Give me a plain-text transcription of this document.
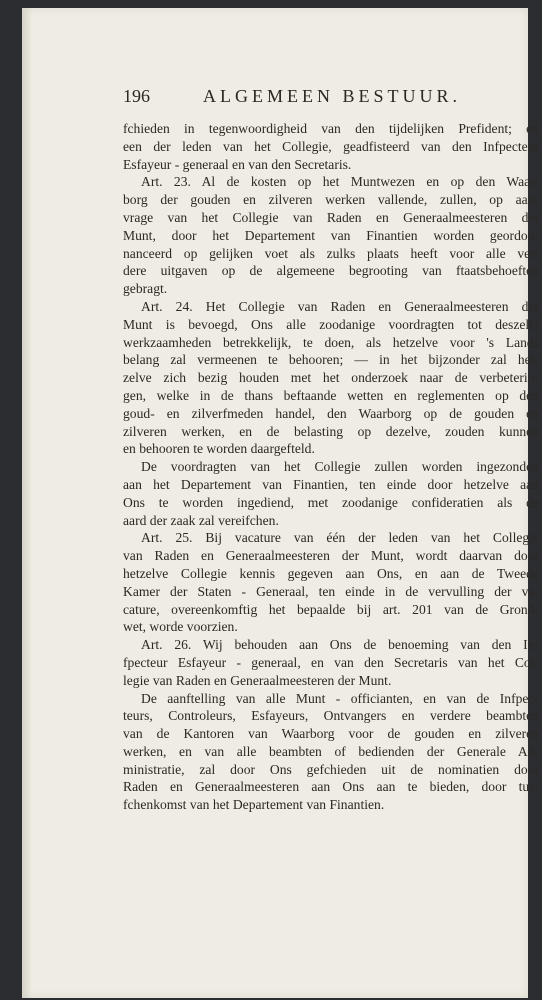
196	ALGEMEEN BESTUUR.
fchieden in tegenwoordigheid van den tijdelijken Prefident; en
een der leden van het Collegie, geadfisteerd van den Infpecteur
Esfayeur - generaal en van den Secretaris.
Art. 23. Al de kosten op het Muntwezen en op den Waar-
borg der gouden en zilveren werken vallende, zullen, op aan-
vrage van het Collegie van Raden en Generaalmeesteren der
Munt, door het Departement van Finantien worden geordon-
nanceerd op gelijken voet als zulks plaats heeft voor alle ver-
dere uitgaven op de algemeene begrooting van ftaatsbehoeften
gebragt.
Art. 24. Het Collegie van Raden en Generaalmeesteren der
Munt is bevoegd, Ons alle zoodanige voordragten tot deszelfs
werkzaamheden betrekkelijk, te doen, als hetzelve voor 's Lands
belang zal vermeenen te behooren; — in het bijzonder zal het-
zelve zich bezig houden met het onderzoek naar de verbeterin-
gen, welke in de thans beftaande wetten en reglementen op den
goud- en zilverfmeden handel, den Waarborg op de gouden en
zilveren werken, en de belasting op dezelve, zouden kunnen
en behooren te worden daargefteld.
De voordragten van het Collegie zullen worden ingezonden
aan het Departement van Finantien, ten einde door hetzelve aan
Ons te worden ingediend, met zoodanige confideratien als de
aard der zaak zal vereifchen.
Art. 25. Bij vacature van één der leden van het Collegie
van Raden en Generaalmeesteren der Munt, wordt daarvan door
hetzelve Collegie kennis gegeven aan Ons, en aan de Tweede
Kamer der Staten - Generaal, ten einde in de vervulling der va-
cature, overeenkomftig het bepaalde bij art. 201 van de Grond-
wet, worde voorzien.
Art. 26. Wij behouden aan Ons de benoeming van den In-
fpecteur Esfayeur - generaal, en van den Secretaris van het Col-
legie van Raden en Generaalmeesteren der Munt.
De aanftelling van alle Munt - officianten, en van de Infpec-
teurs, Controleurs, Esfayeurs, Ontvangers en verdere beambten
van de Kantoren van Waarborg voor de gouden en zilveren
werken, en van alle beambten of bedienden der Generale Ad-
ministratie, zal door Ons gefchieden uit de nominatien door
Raden en Generaalmeesteren aan Ons aan te bieden, door tus-
fchenkomst van het Departement van Finantien.
